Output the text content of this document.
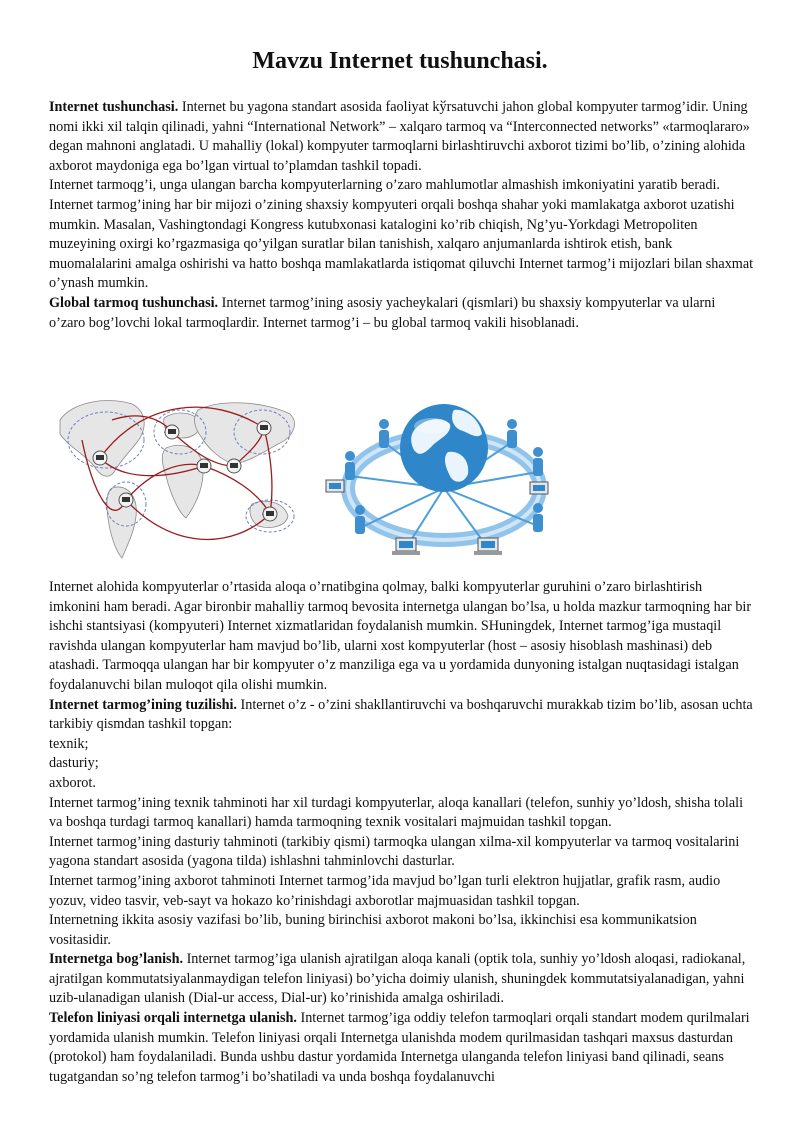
Mavzu Internet tushunchasi.

Internet tushunchasi. Internet bu yagona standart asosida faoliyat kўrsatuvchi jahon global kompyuter tarmog’idir. Uning nomi ikki xil talqin qilinadi, yahni “International Network” – xalqaro tarmoq va “Interconnected networks” «tarmoqlararo» degan mahnoni anglatadi. U mahalliy (lokal) kompyuter tarmoqlarni birlashtiruvchi axborot tizimi bo’lib, o’zining alohida axborot maydoniga ega bo’lgan virtual to’plamdan tashkil topadi.

Internet tarmoqg’i, unga ulangan barcha kompyuterlarning o’zaro mahlumotlar almashish imkoniyatini yaratib beradi. Internet tarmog’ining har bir mijozi o’zining shaxsiy kompyuteri orqali boshqa shahar yoki mamlakatga axborot uzatishi mumkin. Masalan, Vashingtondagi Kongress kutubxonasi katalogini ko’rib chiqish, Ng’yu-Yorkdagi Metropoliten muzeyining oxirgi ko’rgazmasiga qo’yilgan suratlar bilan tanishish, xalqaro anjumanlarda ishtirok etish, bank muomalalarini amalga oshirishi va hatto boshqa mamlakatlarda istiqomat qiluvchi Internet tarmog’i mijozlari bilan shaxmat o’ynash mumkin.

Global tarmoq tushunchasi. Internet tarmog’ining asosiy yacheykalari (qismlari) bu shaxsiy kompyuterlar va ularni o’zaro bog’lovchi lokal tarmoqlardir. Internet tarmog’i – bu global tarmoq vakili hisoblanadi.

Internet alohida kompyuterlar o’rtasida aloqa o’rnatibgina qolmay, balki kompyuterlar guruhini o’zaro birlashtirish imkonini ham beradi. Agar bironbir mahalliy tarmoq bevosita internetga ulangan bo’lsa, u holda mazkur tarmoqning har bir ishchi stantsiyasi (kompyuteri) Internet xizmatlaridan foydalanish mumkin. SHuningdek, Internet tarmog’iga mustaqil ravishda ulangan kompyuterlar ham mavjud bo’lib, ularni xost kompyuterlar (host – asosiy hisoblash mashinasi) deb atashadi. Tarmoqqa ulangan har bir kompyuter o’z manziliga ega va u yordamida dunyoning istalgan nuqtasidagi istalgan foydalanuvchi bilan muloqot qila olishi mumkin.

Internet tarmog’ining tuzilishi. Internet o’z - o’zini shakllantiruvchi va boshqaruvchi murakkab tizim bo’lib, asosan uchta tarkibiy qismdan tashkil topgan:

texnik;

dasturiy;

axborot.

Internet tarmog’ining texnik tahminoti har xil turdagi kompyuterlar, aloqa kanallari (telefon, sunhiy yo’ldosh, shisha tolali va boshqa turdagi tarmoq kanallari) hamda tarmoqning texnik vositalari majmuidan tashkil topgan.

Internet tarmog’ining dasturiy tahminoti (tarkibiy qismi) tarmoqka ulangan xilma-xil kompyuterlar va tarmoq vositalarini yagona standart asosida (yagona tilda) ishlashni tahminlovchi dasturlar.

Internet tarmog’ining axborot tahminoti Internet tarmog’ida mavjud bo’lgan turli elektron hujjatlar, grafik rasm, audio yozuv, video tasvir, veb-sayt va hokazo ko’rinishdagi axborotlar majmuasidan tashkil topgan.

Internetning ikkita asosiy vazifasi bo’lib, buning birinchisi axborot makoni bo’lsa, ikkinchisi esa kommunikatsion vositasidir.

Internetga bog’lanish. Internet tarmog’iga ulanish ajratilgan aloqa kanali (optik tola, sunhiy yo’ldosh aloqasi, radiokanal, ajratilgan kommutatsiyalanmaydigan telefon liniyasi) bo’yicha doimiy ulanish, shuningdek kommutatsiyalanadigan, yahni uzib-ulanadigan ulanish (Dial-ur access, Dial-ur) ko’rinishida amalga oshiriladi.

Telefon liniyasi orqali internetga ulanish. Internet tarmog’iga oddiy telefon tarmoqlari orqali standart modem qurilmalari yordamida ulanish mumkin. Telefon liniyasi orqali Internetga ulanishda modem qurilmasidan tashqari maxsus dasturdan (protokol) ham foydalaniladi. Bunda ushbu dastur yordamida Internetga ulanganda telefon liniyasi band qilinadi, seans tugatgandan so’ng telefon tarmog’i bo’shatiladi va unda boshqa foydalanuvchi
